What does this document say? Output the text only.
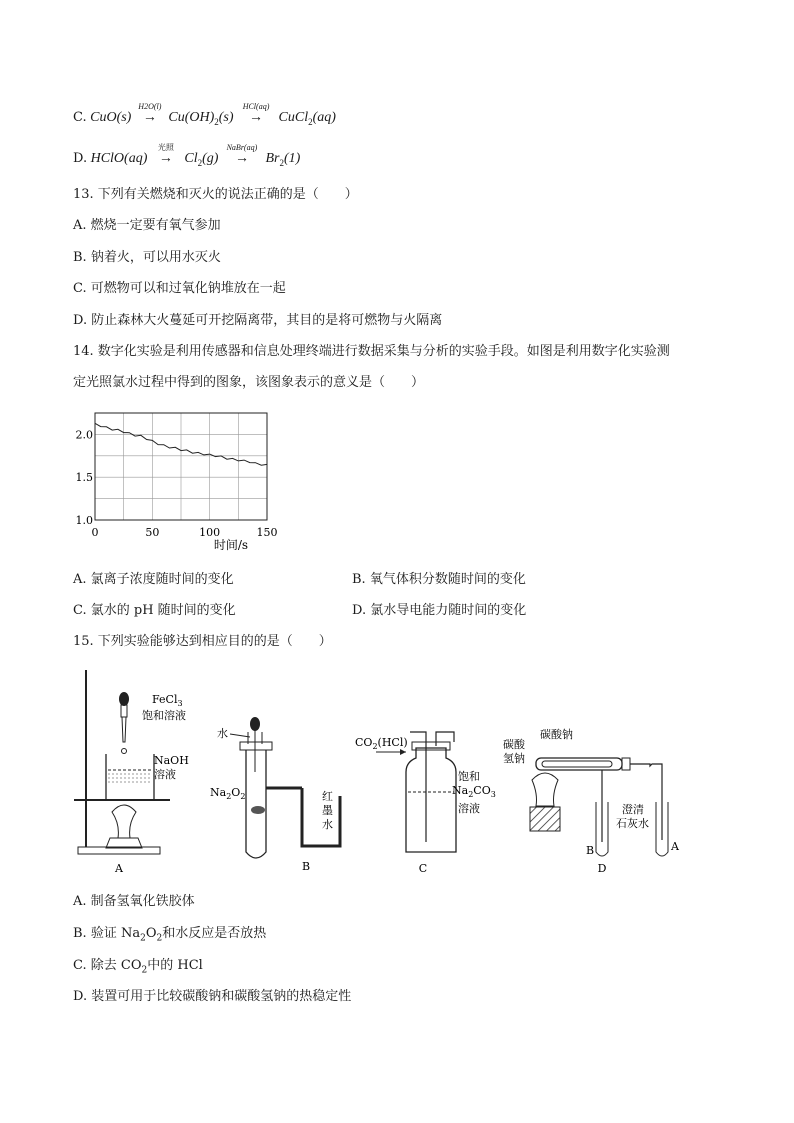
C. CuO(s)
H2O(l)
→ $Cu(OH)_2(s)$
HCl(aq)
→ CuCl$_2$(aq)
D. HClO(aq)
光照
→ $Cl_2(g)$
NaBr(aq)
→ $Br_2(1)$
13. 下列有关燃烧和灭火的说法正确的是（　　）
A. 燃烧一定要有氧气参加
B. 钠着火，可以用水灭火
C. 可燃物可以和过氧化钠堆放在一起
D. 防止森林大火蔓延可开挖隔离带，其目的是将可燃物与火隔离
14. 数字化实验是利用传感器和信息处理终端进行数据采集与分析的实验手段。如图是利用数字化实验测
定光照氯水过程中得到的图象，该图象表示的意义是（　　）
0	50	100	150
1.0
1.5
2.0
时间/s
A. 氯离子浓度随时间的变化	B. 氧气体积分数随时间的变化
C. 氯水的 pH 随时间的变化	D. 氯水导电能力随时间的变化
15. 下列实验能够达到相应目的的是（　　）
FeCl$_3$
饱和溶液
NaOH
溶液
A
水
$Na_2O_2$	红
墨
水
B
$CO_2(HCl)$
饱和
$Na_2CO_3$
溶液
C
碳酸
氢钠
碳酸钠
澄清
石灰水
B	A
D
A. 制备氢氧化铁胶体
B. 验证 $Na_2O_2$和水反应是否放热
C. 除去 $CO_2$中的 HCl
D. 装置可用于比较碳酸钠和碳酸氢钠的热稳定性
